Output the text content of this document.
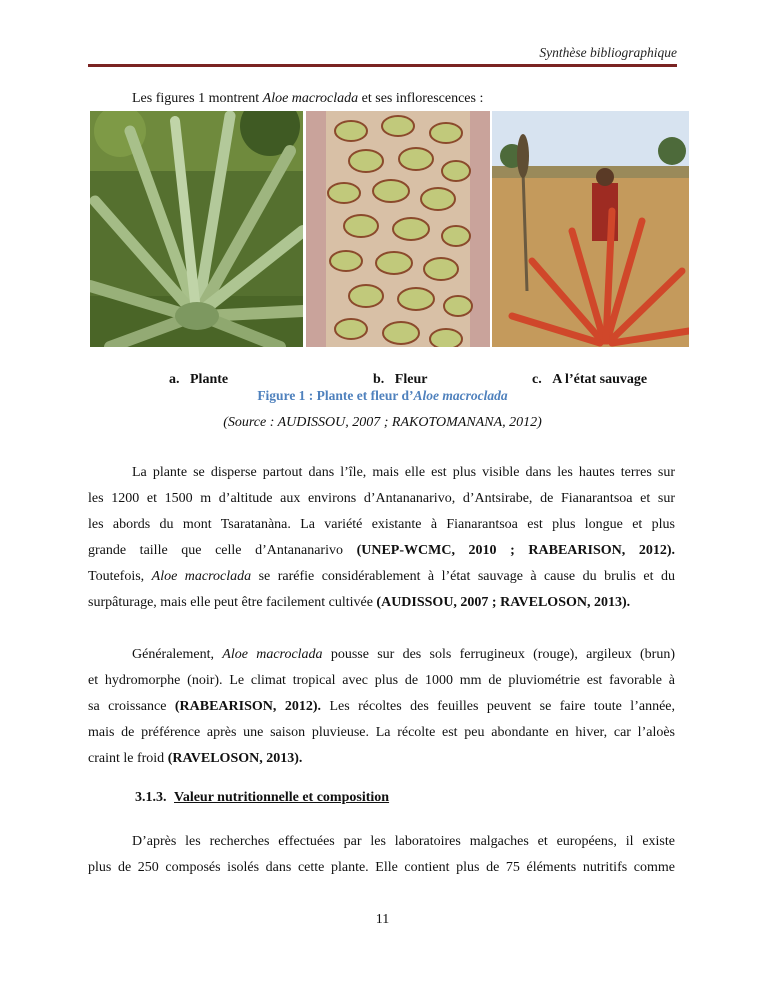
Synthèse bibliographique
Les figures 1 montrent Aloe macroclada et ses inflorescences :
a. Plante	b. Fleur	c. A l’état sauvage
Figure 1 : Plante et fleur d’Aloe macroclada
(Source : AUDISSOU, 2007 ; RAKOTOMANANA, 2012)
La plante se disperse partout dans l’île, mais elle est plus visible dans les hautes terres sur
les 1200 et 1500 m d’altitude aux environs d’Antananarivo, d’Antsirabe, de Fianarantsoa et sur
les abords du mont Tsaratanàna. La variété existante à Fianarantsoa est plus longue et plus
grande taille que celle d’Antananarivo (UNEP-WCMC, 2010 ; RABEARISON, 2012).
Toutefois, Aloe macroclada se raréfie considérablement à l’état sauvage à cause du brulis et du
surpâturage, mais elle peut être facilement cultivée (AUDISSOU, 2007 ; RAVELOSON, 2013).
Généralement, Aloe macroclada pousse sur des sols ferrugineux (rouge), argileux (brun)
et hydromorphe (noir). Le climat tropical avec plus de 1000 mm de pluviométrie est favorable à
sa croissance (RABEARISON, 2012). Les récoltes des feuilles peuvent se faire toute l’année,
mais de préférence après une saison pluvieuse. La récolte est peu abondante en hiver, car l’aloès
craint le froid (RAVELOSON, 2013).
3.1.3. Valeur nutritionnelle et composition
D’après les recherches effectuées par les laboratoires malgaches et européens, il existe
plus de 250 composés isolés dans cette plante. Elle contient plus de 75 éléments nutritifs comme
11
